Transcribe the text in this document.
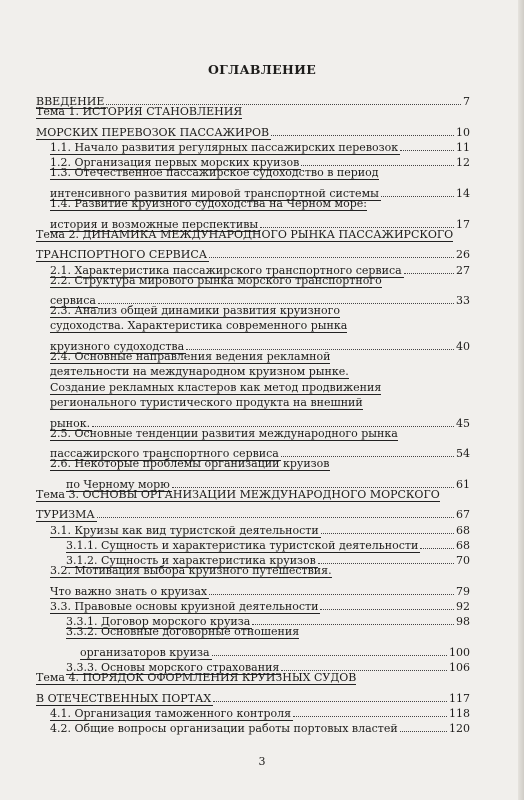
ОГЛАВЛЕНИЕ
ВВЕДЕНИЕ	7
Тема 1. ИСТОРИЯ СТАНОВЛЕНИЯ
МОРСКИХ ПЕРЕВОЗОК ПАССАЖИРОВ	10
1.1. Начало развития регулярных пассажирских перевозок	11
1.2. Организация первых морских круизов	12
1.3. Отечественное пассажирское судоходство в период
интенсивного развития мировой транспортной системы	14
1.4. Развитие круизного судоходства на Черном море:
история и возможные перспективы	17
Тема 2. ДИНАМИКА МЕЖДУНАРОДНОГО РЫНКА ПАССАЖИРСКОГО
ТРАНСПОРТНОГО СЕРВИСА	26
2.1. Характеристика пассажирского транспортного сервиса	27
2.2. Структура мирового рынка морского транспортного
сервиса	33
2.3. Анализ общей динамики развития круизного
судоходства. Характеристика современного рынка
круизного судоходства	40
2.4. Основные направления ведения рекламной
деятельности на международном круизном рынке.
Создание рекламных кластеров как метод продвижения
регионального туристического продукта на внешний
рынок.	45
2.5. Основные тенденции развития международного рынка
пассажирского транспортного сервиса	54
2.6. Некоторые проблемы организации круизов
по Черному морю	61
Тема 3. ОСНОВЫ ОРГАНИЗАЦИИ МЕЖДУНАРОДНОГО МОРСКОГО
ТУРИЗМА	67
3.1. Круизы как вид туристской деятельности	68
3.1.1. Сущность и характеристика туристской деятельности	68
3.1.2. Сущность и характеристика круизов	70
3.2. Мотивация выбора круизного путешествия.
Что важно знать о круизах	79
3.3. Правовые основы круизной деятельности	92
3.3.1. Договор морского круиза	98
3.3.2. Основные договорные отношения
организаторов круиза	100
3.3.3. Основы морского страхования	106
Тема 4. ПОРЯДОК ОФОРМЛЕНИЯ КРУИЗНЫХ СУДОВ
В ОТЕЧЕСТВЕННЫХ ПОРТАХ	117
4.1. Организация таможенного контроля	118
4.2. Общие вопросы организации работы портовых властей	120
3
